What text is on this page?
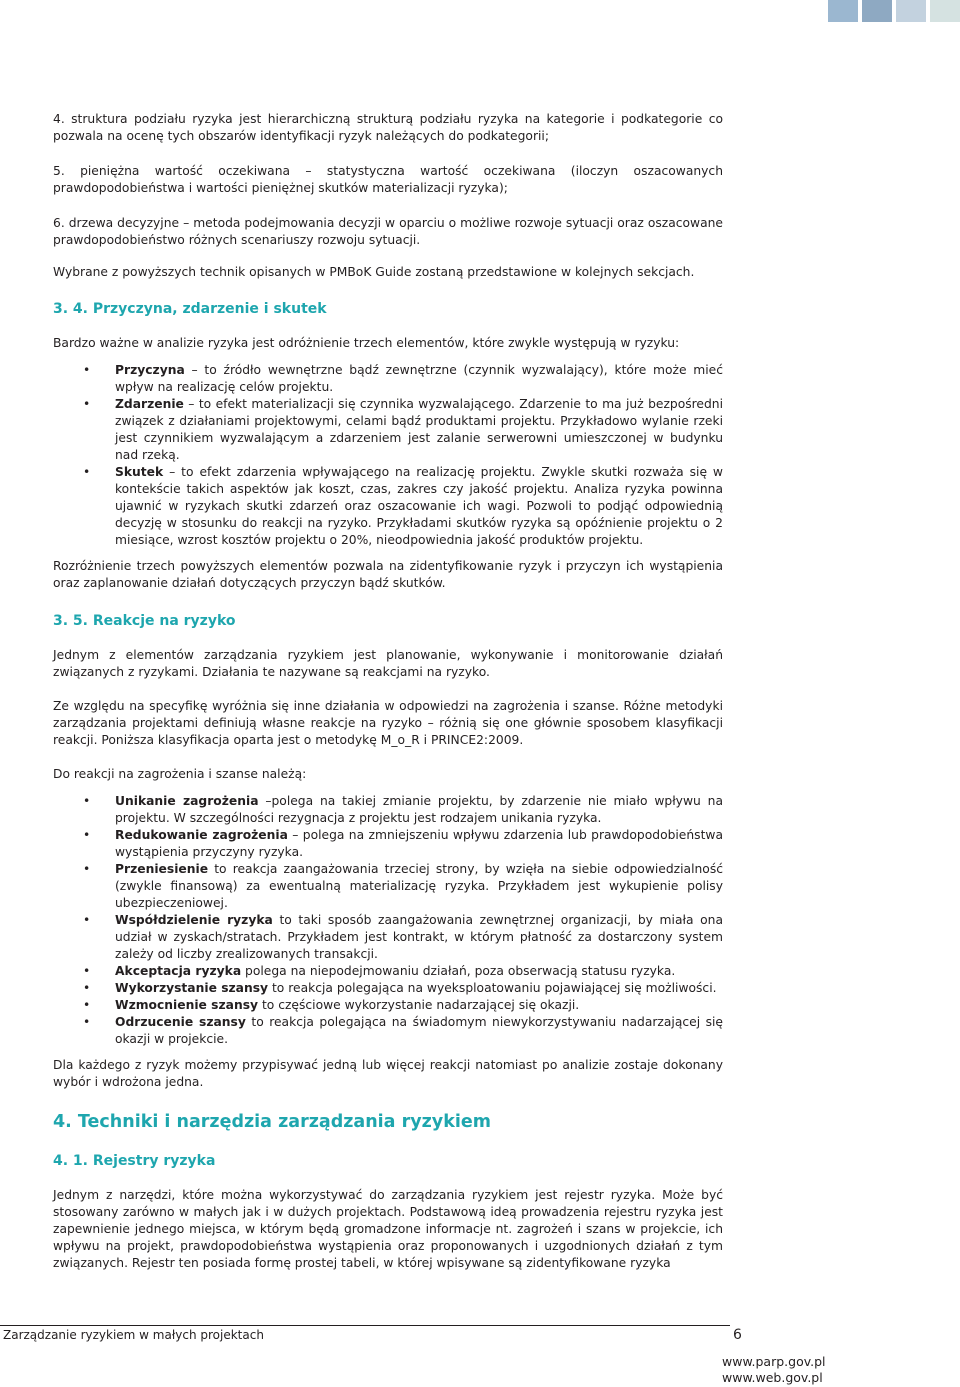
4. struktura podziału ryzyka jest hierarchiczną strukturą podziału ryzyka na kategorie i podkategorie co pozwala na ocenę tych obszarów identyfikacji ryzyk należących do podkategorii;

5. pieniężna wartość oczekiwana – statystyczna wartość oczekiwana (iloczyn oszacowanych prawdopodobieństwa i wartości pieniężnej skutków materializacji ryzyka);

6. drzewa decyzyjne – metoda podejmowania decyzji w oparciu o możliwe rozwoje sytuacji oraz oszacowane prawdopodobieństwo różnych scenariuszy rozwoju sytuacji.

Wybrane z powyższych technik opisanych w PMBoK Guide zostaną przedstawione w kolejnych sekcjach.

3. 4. Przyczyna, zdarzenie i skutek

Bardzo ważne w analizie ryzyka jest odróżnienie trzech elementów, które zwykle występują w ryzyku:

• Przyczyna – to źródło wewnętrzne bądź zewnętrzne (czynnik wyzwalający), które może mieć wpływ na realizację celów projektu.
• Zdarzenie – to efekt materializacji się czynnika wyzwalającego. Zdarzenie to ma już bezpośredni związek z działaniami projektowymi, celami bądź produktami projektu. Przykładowo wylanie rzeki jest czynnikiem wyzwalającym a zdarzeniem jest zalanie serwerowni umieszczonej w budynku nad rzeką.
• Skutek – to efekt zdarzenia wpływającego na realizację projektu. Zwykle skutki rozważa się w kontekście takich aspektów jak koszt, czas, zakres czy jakość projektu. Analiza ryzyka powinna ujawnić w ryzykach skutki zdarzeń oraz oszacowanie ich wagi. Pozwoli to podjąć odpowiednią decyzję w stosunku do reakcji na ryzyko. Przykładami skutków ryzyka są opóźnienie projektu o 2 miesiące, wzrost kosztów projektu o 20%, nieodpowiednia jakość produktów projektu.

Rozróżnienie trzech powyższych elementów pozwala na zidentyfikowanie ryzyk i przyczyn ich wystąpienia oraz zaplanowanie działań dotyczących przyczyn bądź skutków.

3. 5. Reakcje na ryzyko

Jednym z elementów zarządzania ryzykiem jest planowanie, wykonywanie i monitorowanie działań związanych z ryzykami. Działania te nazywane są reakcjami na ryzyko.

Ze względu na specyfikę wyróżnia się inne działania w odpowiedzi na zagrożenia i szanse. Różne metodyki zarządzania projektami definiują własne reakcje na ryzyko – różnią się one głównie sposobem klasyfikacji reakcji. Poniższa klasyfikacja oparta jest o metodykę M_o_R i PRINCE2:2009.

Do reakcji na zagrożenia i szanse należą:

• Unikanie zagrożenia –polega na takiej zmianie projektu, by zdarzenie nie miało wpływu na projektu. W szczególności rezygnacja z projektu jest rodzajem unikania ryzyka.
• Redukowanie zagrożenia – polega na zmniejszeniu wpływu zdarzenia lub prawdopodobieństwa wystąpienia przyczyny ryzyka.
• Przeniesienie to reakcja zaangażowania trzeciej strony, by wzięła na siebie odpowiedzialność (zwykle finansową) za ewentualną materializację ryzyka. Przykładem jest wykupienie polisy ubezpieczeniowej.
• Współdzielenie ryzyka to taki sposób zaangażowania zewnętrznej organizacji, by miała ona udział w zyskach/stratach. Przykładem jest kontrakt, w którym płatność za dostarczony system zależy od liczby zrealizowanych transakcji.
• Akceptacja ryzyka polega na niepodejmowaniu działań, poza obserwacją statusu ryzyka.
• Wykorzystanie szansy to reakcja polegająca na wyeksploatowaniu pojawiającej się możliwości.
• Wzmocnienie szansy to częściowe wykorzystanie nadarzającej się okazji.
• Odrzucenie szansy to reakcja polegająca na świadomym niewykorzystywaniu nadarzającej się okazji w projekcie.

Dla każdego z ryzyk możemy przypisywać jedną lub więcej reakcji natomiast po analizie zostaje dokonany wybór i wdrożona jedna.

4. Techniki i narzędzia zarządzania ryzykiem

4. 1. Rejestry ryzyka

Jednym z narzędzi, które można wykorzystywać do zarządzania ryzykiem jest rejestr ryzyka. Może być stosowany zarówno w małych jak i w dużych projektach. Podstawową ideą prowadzenia rejestru ryzyka jest zapewnienie jednego miejsca, w którym będą gromadzone informacje nt. zagrożeń i szans w projekcie, ich wpływu na projekt, prawdopodobieństwa wystąpienia oraz proponowanych i uzgodnionych działań z tym związanych. Rejestr ten posiada formę prostej tabeli, w której wpisywane są zidentyfikowane ryzyka

Zarządzanie ryzykiem w małych projektach	6
www.parp.gov.pl
www.web.gov.pl
